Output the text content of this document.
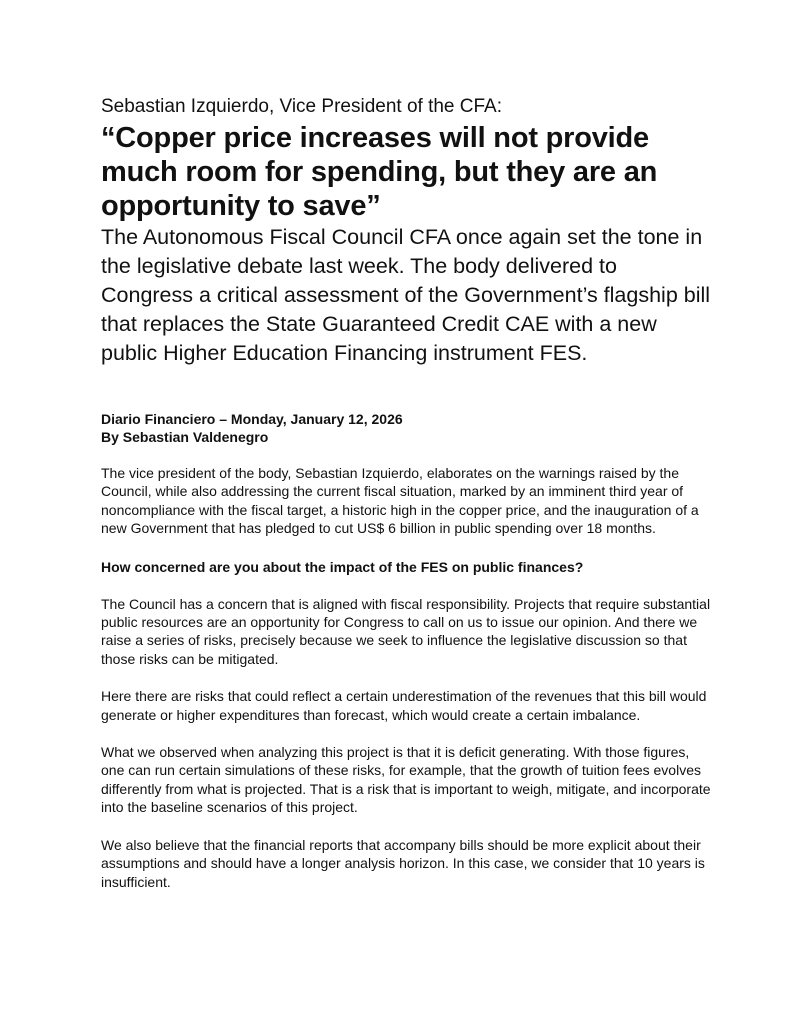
Sebastian Izquierdo, Vice President of the CFA:

“Copper price increases will not provide much room for spending, but they are an opportunity to save”

The Autonomous Fiscal Council CFA once again set the tone in the legislative debate last week. The body delivered to Congress a critical assessment of the Government’s flagship bill that replaces the State Guaranteed Credit CAE with a new public Higher Education Financing instrument FES.

Diario Financiero – Monday, January 12, 2026
By Sebastian Valdenegro

The vice president of the body, Sebastian Izquierdo, elaborates on the warnings raised by the Council, while also addressing the current fiscal situation, marked by an imminent third year of noncompliance with the fiscal target, a historic high in the copper price, and the inauguration of a new Government that has pledged to cut US$ 6 billion in public spending over 18 months.

How concerned are you about the impact of the FES on public finances?

The Council has a concern that is aligned with fiscal responsibility. Projects that require substantial public resources are an opportunity for Congress to call on us to issue our opinion. And there we raise a series of risks, precisely because we seek to influence the legislative discussion so that those risks can be mitigated.

Here there are risks that could reflect a certain underestimation of the revenues that this bill would generate or higher expenditures than forecast, which would create a certain imbalance.

What we observed when analyzing this project is that it is deficit generating. With those figures, one can run certain simulations of these risks, for example, that the growth of tuition fees evolves differently from what is projected. That is a risk that is important to weigh, mitigate, and incorporate into the baseline scenarios of this project.

We also believe that the financial reports that accompany bills should be more explicit about their assumptions and should have a longer analysis horizon. In this case, we consider that 10 years is insufficient.
